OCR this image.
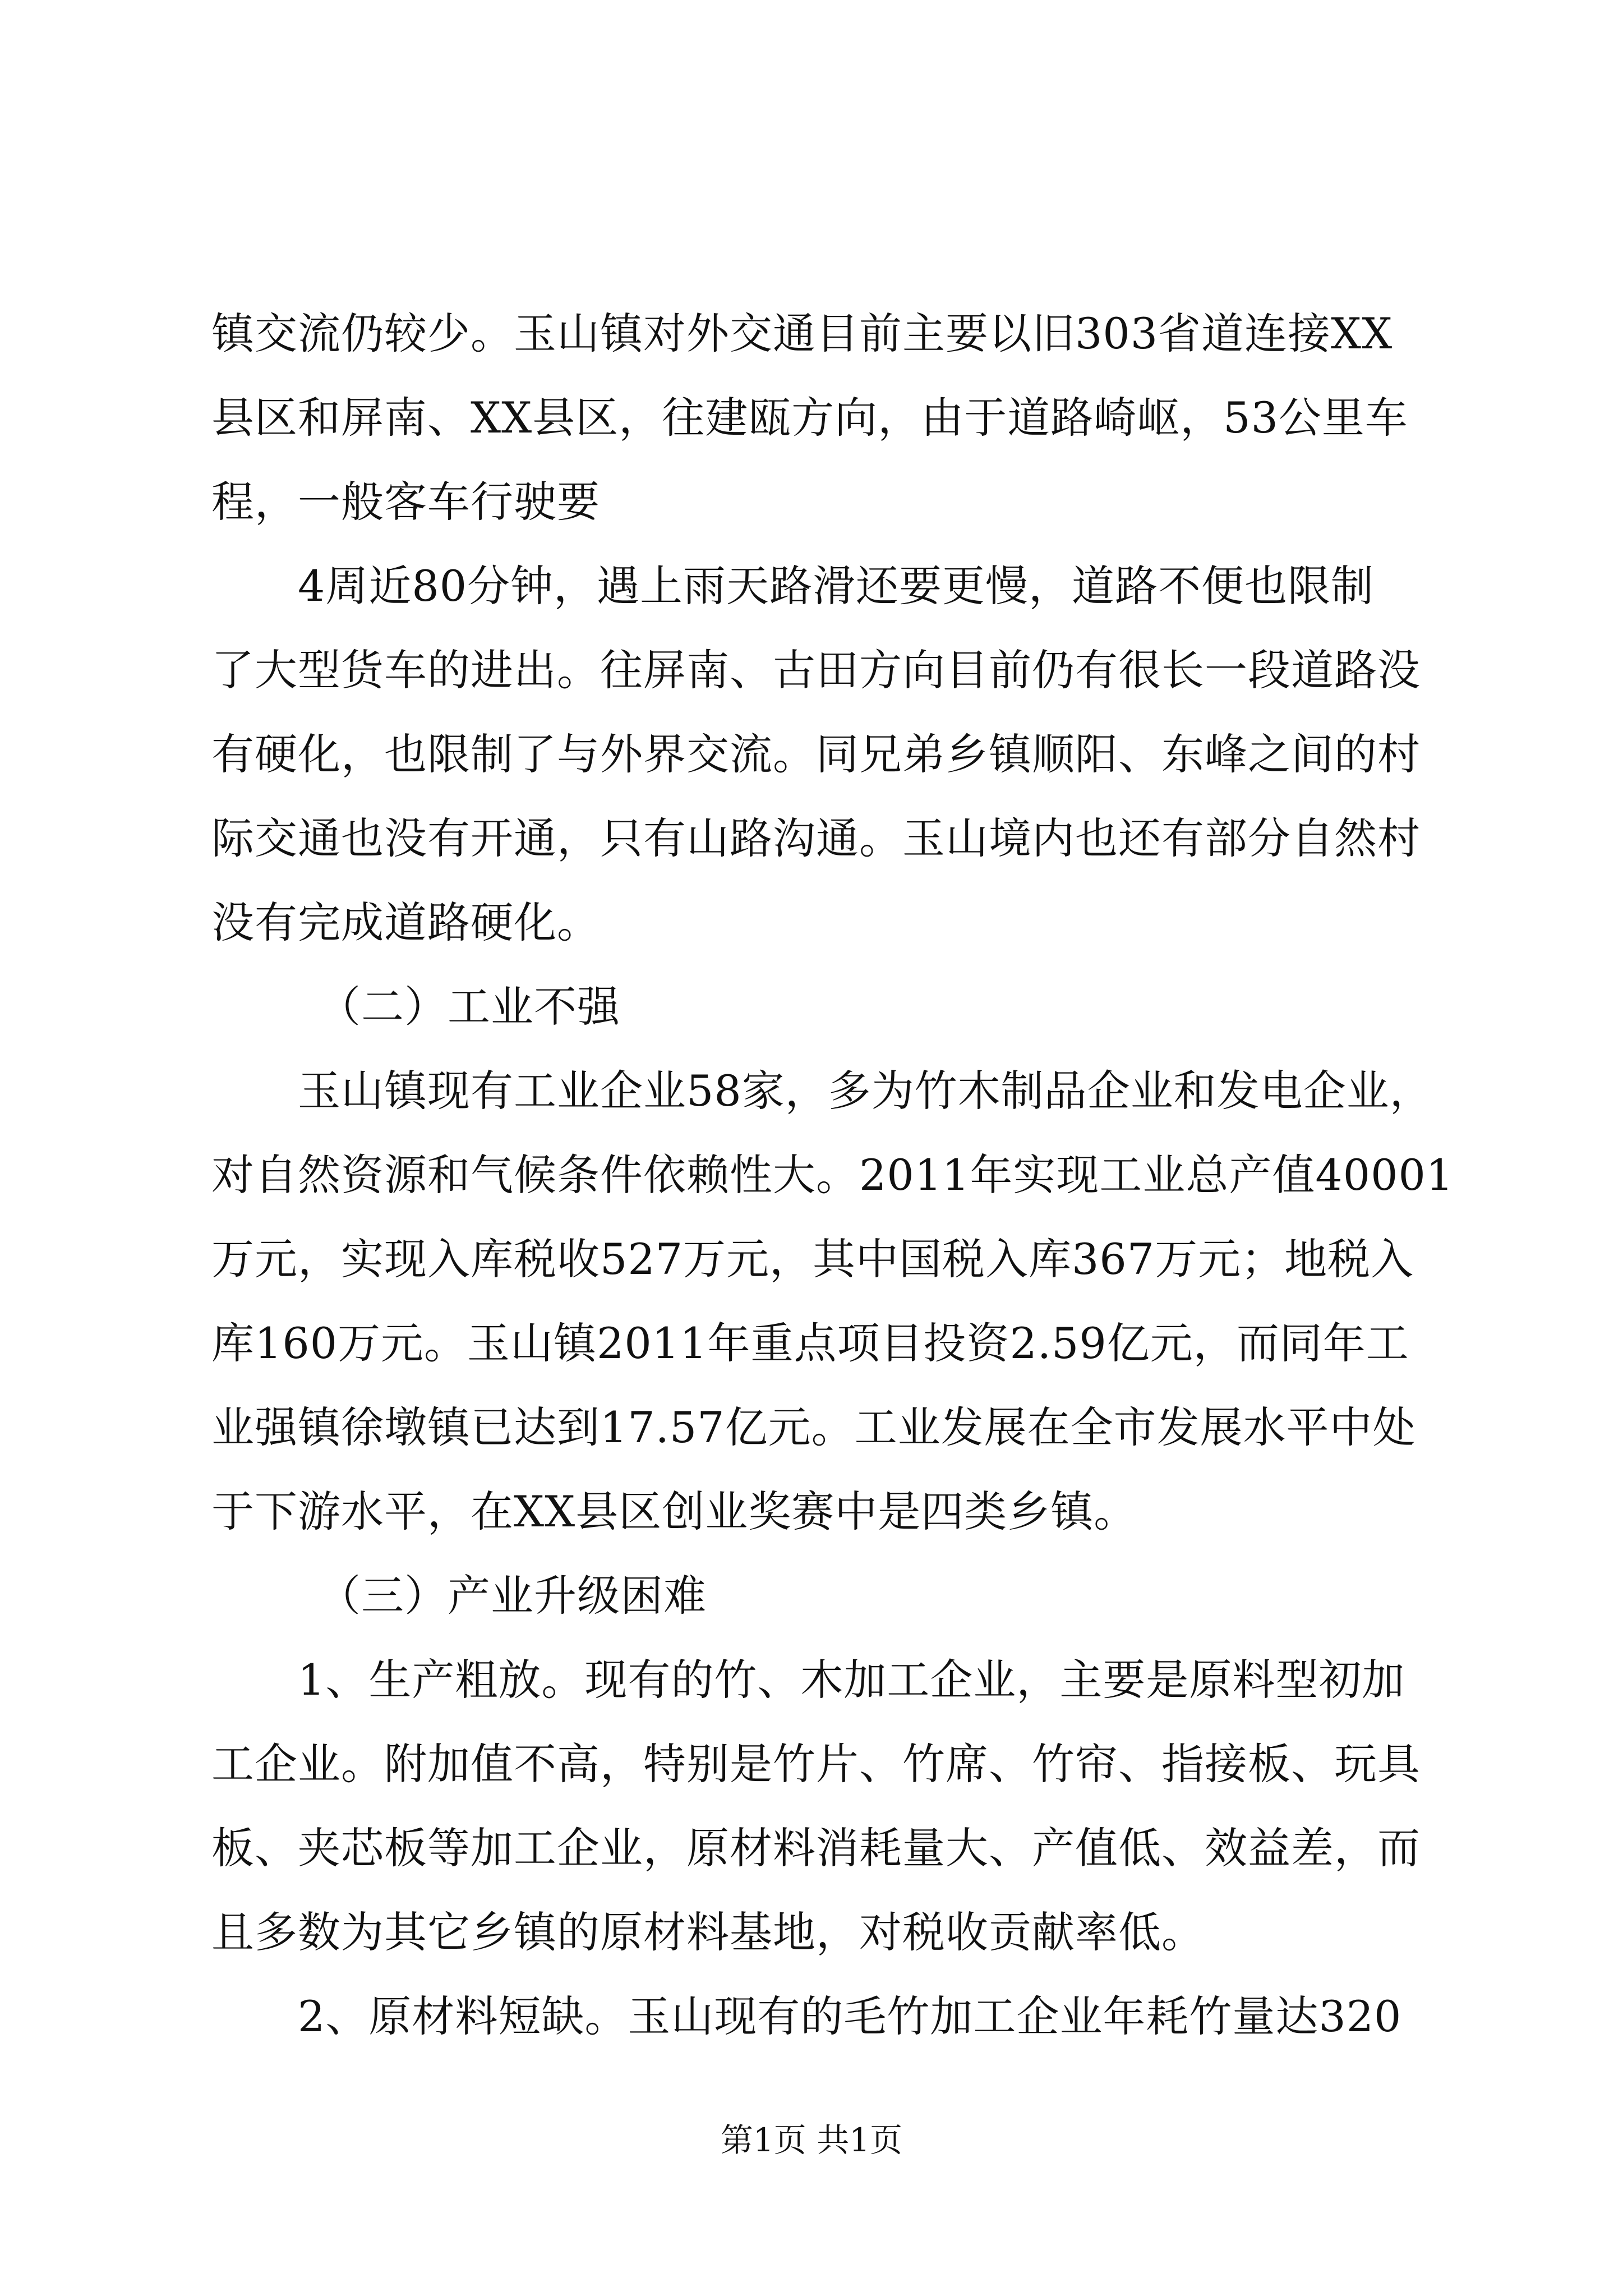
镇交流仍较少。玉山镇对外交通目前主要以旧303省道连接XX
县区和屏南、XX县区，往建瓯方向，由于道路崎岖，53公里车
程，一般客车行驶要
4周近80分钟，遇上雨天路滑还要更慢，道路不便也限制
了大型货车的进出。往屏南、古田方向目前仍有很长一段道路没
有硬化，也限制了与外界交流。同兄弟乡镇顺阳、东峰之间的村
际交通也没有开通，只有山路沟通。玉山境内也还有部分自然村
没有完成道路硬化。
（二）工业不强
玉山镇现有工业企业58家，多为竹木制品企业和发电企业，
对自然资源和气候条件依赖性大。2011年实现工业总产值40001
万元，实现入库税收527万元，其中国税入库367万元；地税入
库160万元。玉山镇2011年重点项目投资2.59亿元，而同年工
业强镇徐墩镇已达到17.57亿元。工业发展在全市发展水平中处
于下游水平，在XX县区创业奖赛中是四类乡镇。
（三）产业升级困难
1、生产粗放。现有的竹、木加工企业，主要是原料型初加
工企业。附加值不高，特别是竹片、竹席、竹帘、指接板、玩具
板、夹芯板等加工企业，原材料消耗量大、产值低、效益差，而
且多数为其它乡镇的原材料基地，对税收贡献率低。
2、原材料短缺。玉山现有的毛竹加工企业年耗竹量达320
第1页 共1页
